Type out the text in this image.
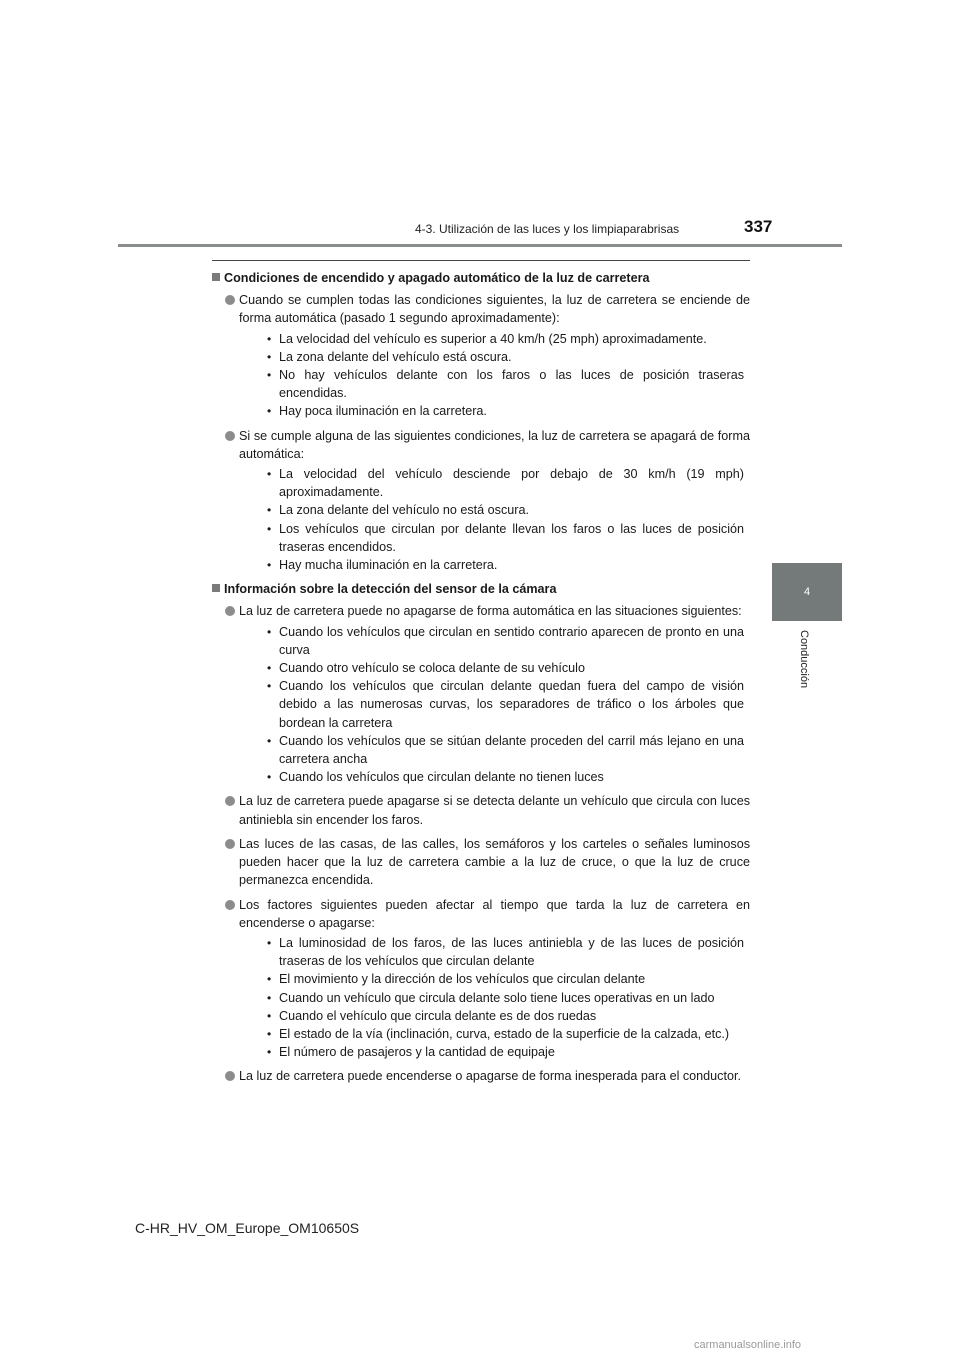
4-3. Utilización de las luces y los limpiaparabrisas	337
4
Conducción
Condiciones de encendido y apagado automático de la luz de carretera
Cuando se cumplen todas las condiciones siguientes, la luz de carretera se enciende de forma automática (pasado 1 segundo aproximadamente):
• La velocidad del vehículo es superior a 40 km/h (25 mph) aproximadamente.
• La zona delante del vehículo está oscura.
• No hay vehículos delante con los faros o las luces de posición traseras encendidas.
• Hay poca iluminación en la carretera.
Si se cumple alguna de las siguientes condiciones, la luz de carretera se apagará de forma automática:
• La velocidad del vehículo desciende por debajo de 30 km/h (19 mph) aproximadamente.
• La zona delante del vehículo no está oscura.
• Los vehículos que circulan por delante llevan los faros o las luces de posición traseras encendidos.
• Hay mucha iluminación en la carretera.
Información sobre la detección del sensor de la cámara
La luz de carretera puede no apagarse de forma automática en las situaciones siguientes:
• Cuando los vehículos que circulan en sentido contrario aparecen de pronto en una curva
• Cuando otro vehículo se coloca delante de su vehículo
• Cuando los vehículos que circulan delante quedan fuera del campo de visión debido a las numerosas curvas, los separadores de tráfico o los árboles que bordean la carretera
• Cuando los vehículos que se sitúan delante proceden del carril más lejano en una carretera ancha
• Cuando los vehículos que circulan delante no tienen luces
La luz de carretera puede apagarse si se detecta delante un vehículo que circula con luces antiniebla sin encender los faros.
Las luces de las casas, de las calles, los semáforos y los carteles o señales luminosos pueden hacer que la luz de carretera cambie a la luz de cruce, o que la luz de cruce permanezca encendida.
Los factores siguientes pueden afectar al tiempo que tarda la luz de carretera en encenderse o apagarse:
• La luminosidad de los faros, de las luces antiniebla y de las luces de posición traseras de los vehículos que circulan delante
• El movimiento y la dirección de los vehículos que circulan delante
• Cuando un vehículo que circula delante solo tiene luces operativas en un lado
• Cuando el vehículo que circula delante es de dos ruedas
• El estado de la vía (inclinación, curva, estado de la superficie de la calzada, etc.)
• El número de pasajeros y la cantidad de equipaje
La luz de carretera puede encenderse o apagarse de forma inesperada para el conductor.
C-HR_HV_OM_Europe_OM10650S
carmanualsonline.info
